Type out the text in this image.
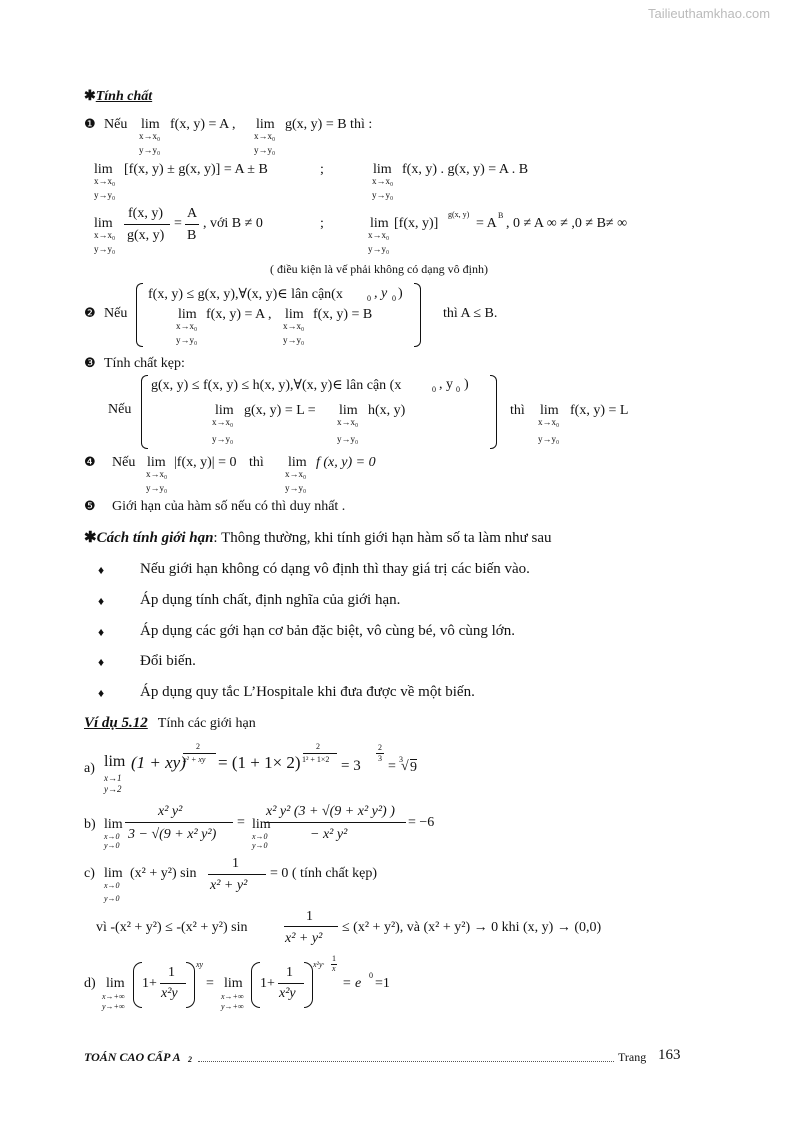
Tailieuthamkhao.com
✱Tính chất
❶ Nếu lim
x→x₀
y→y₀
f(x, y) = A , lim
x→x₀
y→y₀
g(x, y) = B thì :
lim
x→x₀
y→y₀
[f(x, y) ± g(x, y)] = A ± B	;	lim
x→x₀
y→y₀
f(x, y) . g(x, y) = A . B
lim
x→x₀
y→y₀
f(x, y)
g(x, y)
=
A
B
, với B ≠ 0	;	lim
x→x₀
y→y₀
[f(x, y)]
g(x, y)
= A
B
, 0 ≠ A ∞ ≠ ,0 ≠ B≠ ∞
( điều kiện là vế phải không có dạng vô định)
❷ Nếu
f(x, y) ≤ g(x, y),∀(x, y)∈ lân cận(x	0 , y 0 )
lim
x→x₀
y→y₀
f(x, y) = A , lim
x→x₀
y→y₀
f(x, y) = B	thì A ≤ B.
❸ Tính chất kẹp:
Nếu
g(x, y) ≤ f(x, y) ≤ h(x, y),∀(x, y)∈ lân cận (x	0 , y 0 )
lim
x→x₀
y→y₀
g(x, y) = L = lim
x→x₀
y→y₀
h(x, y)	thì lim
x→x₀
y→y₀
f(x, y) = L
❹ Nếu lim
x→x₀
y→y₀
|f(x, y)| = 0 thì lim
x→x₀
y→y₀
f (x, y) = 0
❺ Giới hạn của hàm số nếu có thì duy nhất .
✱Cách tính giới hạn: Thông thường, khi tính giới hạn hàm số ta làm như sau
♦ Nếu giới hạn không có dạng vô định thì thay giá trị các biến vào.
♦ Áp dụng tính chất, định nghĩa của giới hạn.
♦ Áp dụng các gới hạn cơ bản đặc biệt, vô cùng bé, vô cùng lớn.
♦ Đổi biến.
♦ Áp dụng quy tắc L’Hospitale khi đưa được về một biến.
Ví dụ 5.12 Tính các giới hạn
a) lim
x→1
y→2
(1 + xy)
2
x² + xy = (1 + 1× 2)
2
1² + 1×2 = 3
2
3
= 3
√ 9
b) lim
x→0
y→0
x² y²
3 − √(9 + x² y²)
= lim
x→0
y→0
x² y² (3 + √(9 + x² y²) )
− x² y²
= −6
c) lim
x→0
y→0
(x² + y²) sin
1
x² + y²
= 0 ( tính chất kẹp)
vì -(x² + y²) ≤ -(x² + y²) sin
1
x² + y²
≤ (x² + y²), và (x² + y²) → 0 khi (x, y) → (0,0)
d) lim
x→+∞
y→+∞
1+
1
x²y
xy
= lim
x→+∞
y→+∞
1+
1
x²y
x²y·
1
x
= e
0
=1
TOÁN CAO CẤP A 2	Trang 163
